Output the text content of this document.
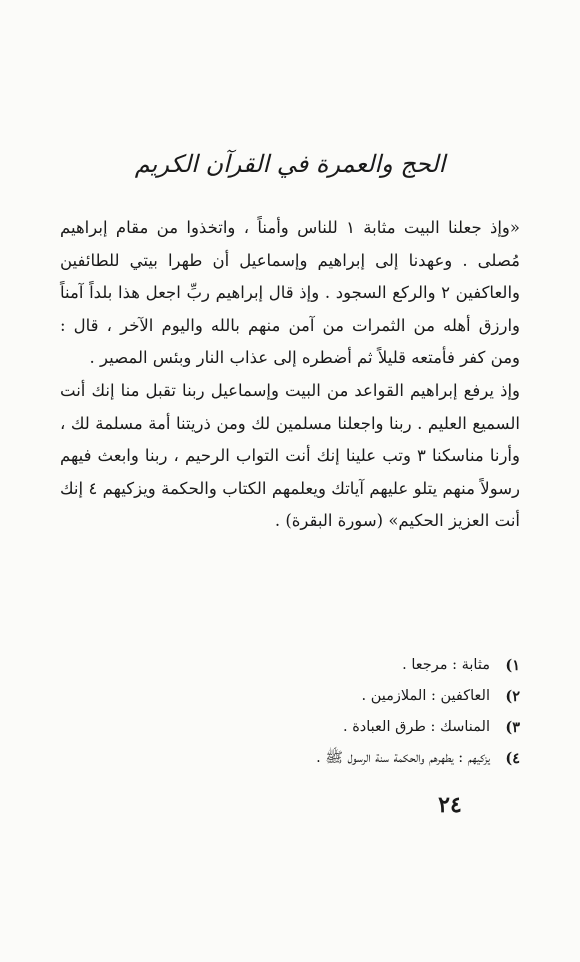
الحج والعمرة في القرآن الكريم

«وإذ جعلنا البيت مثابة ١ للناس وأمناً ، واتخذوا من مقام إبراهيم مُصلى . وعهدنا إلى إبراهيم وإسماعيل أن طهرا بيتي للطائفين والعاكفين ٢ والركع السجود . وإذ قال إبراهيم ربِّ اجعل هذا بلداً آمناً وارزق أهله من الثمرات من آمن منهم بالله واليوم الآخر ، قال : ومن كفر فأمتعه قليلاً ثم أضطره إلى عذاب النار وبئس المصير .

وإذ يرفع إبراهيم القواعد من البيت وإسماعيل ربنا تقبل منا إنك أنت السميع العليم . ربنا واجعلنا مسلمين لك ومن ذريتنا أمة مسلمة لك ، وأرنا مناسكنا ٣ وتب علينا إنك أنت التواب الرحيم ، ربنا وابعث فيهم رسولاً منهم يتلو عليهم آياتك ويعلمهم الكتاب والحكمة ويزكيهم ٤ إنك أنت العزيز الحكيم» (سورة البقرة) .

١)
مثابة : مرجعا .
٢)
العاكفين : الملازمين .
٣)
المناسك : طرق العبادة .
٤)
يزكيهم : يطهرهم والحكمة سنة الرسول ﷺ .
٢٤
